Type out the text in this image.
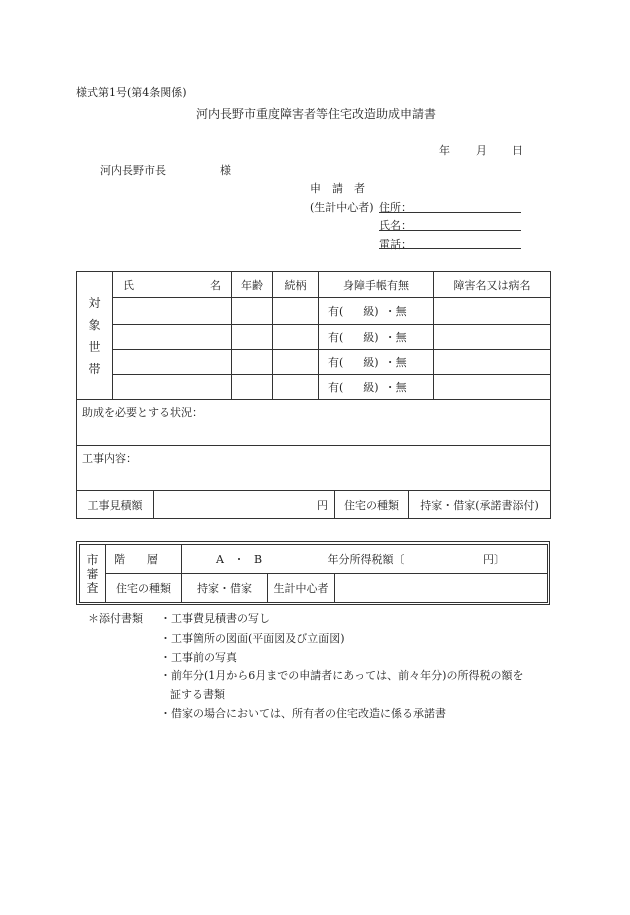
様式第1号(第4条関係)
河内長野市重度障害者等住宅改造助成申請書
年 月 日
河内長野市長	様
申　請　者
(生計中心者) 住所：
氏名：
電話：
対
象
世
帯	氏 名	年齢	続柄	身障手帳有無	障害名又は病名
				有( 級) ・無	
				有( 級) ・無	
				有( 級) ・無	
				有( 級) ・無	
助成を必要とする状況：					
工事内容：					

工事見積額 円 住宅の種類 持家・借家(承諾書添付)					
市
審
査	階　　層	A ・ B 年分所得税額〔 円〕		

	住宅の種類	持家・借家	生計中心者	
＊添付書類 ・工事費見積書の写し
・工事箇所の図面(平面図及び立面図)
・工事前の写真
・前年分(1月から6月までの申請者にあっては、前々年分)の所得税の額を
証する書類
・借家の場合においては、所有者の住宅改造に係る承諾書
